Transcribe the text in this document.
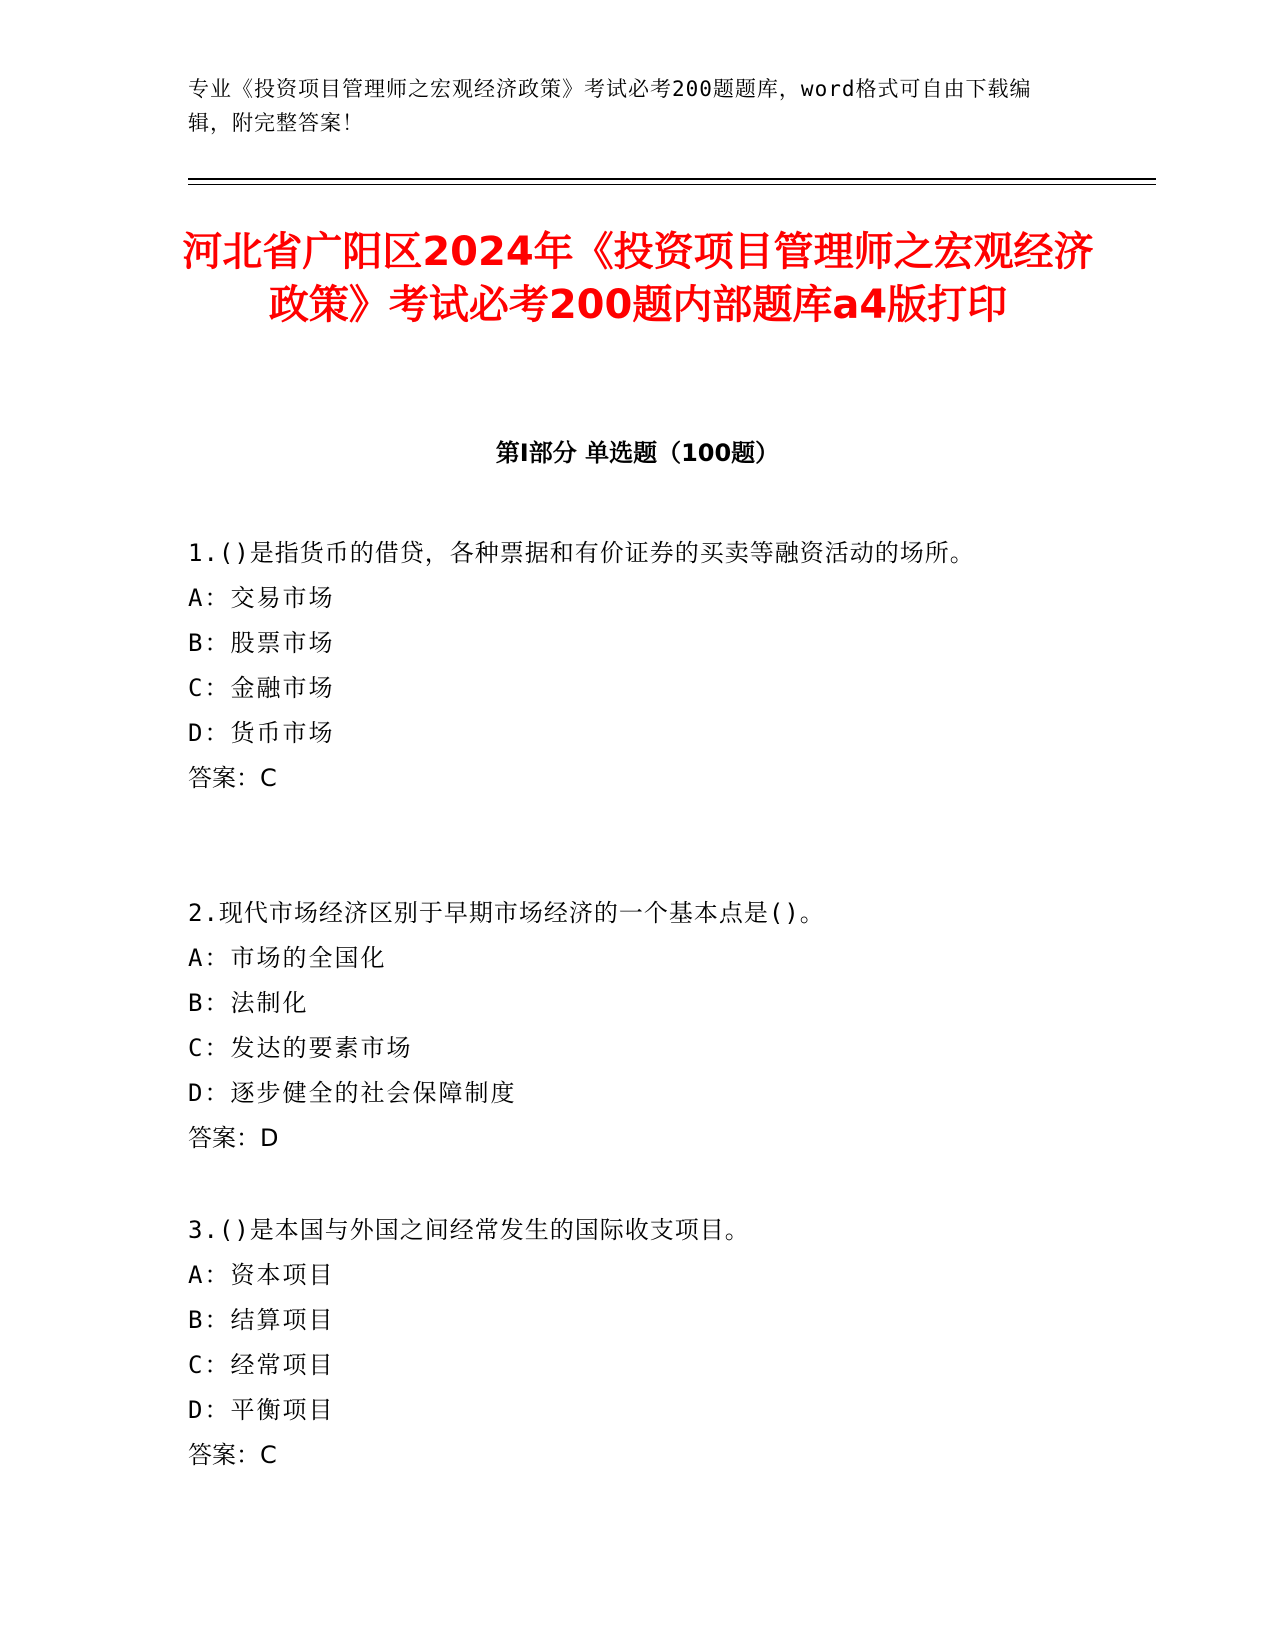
专业《投资项目管理师之宏观经济政策》考试必考200题题库，word格式可自由下载编辑，附完整答案！
河北省广阳区2024年《投资项目管理师之宏观经济政策》考试必考200题内部题库a4版打印
第Ⅰ部分 单选题（100题）

1.()是指货币的借贷，各种票据和有价证券的买卖等融资活动的场所。

A：交易市场

B：股票市场

C：金融市场

D：货币市场

答案：C

2.现代市场经济区别于早期市场经济的一个基本点是()。

A：市场的全国化

B：法制化

C：发达的要素市场

D：逐步健全的社会保障制度

答案：D

3.()是本国与外国之间经常发生的国际收支项目。

A：资本项目

B：结算项目

C：经常项目

D：平衡项目

答案：C
